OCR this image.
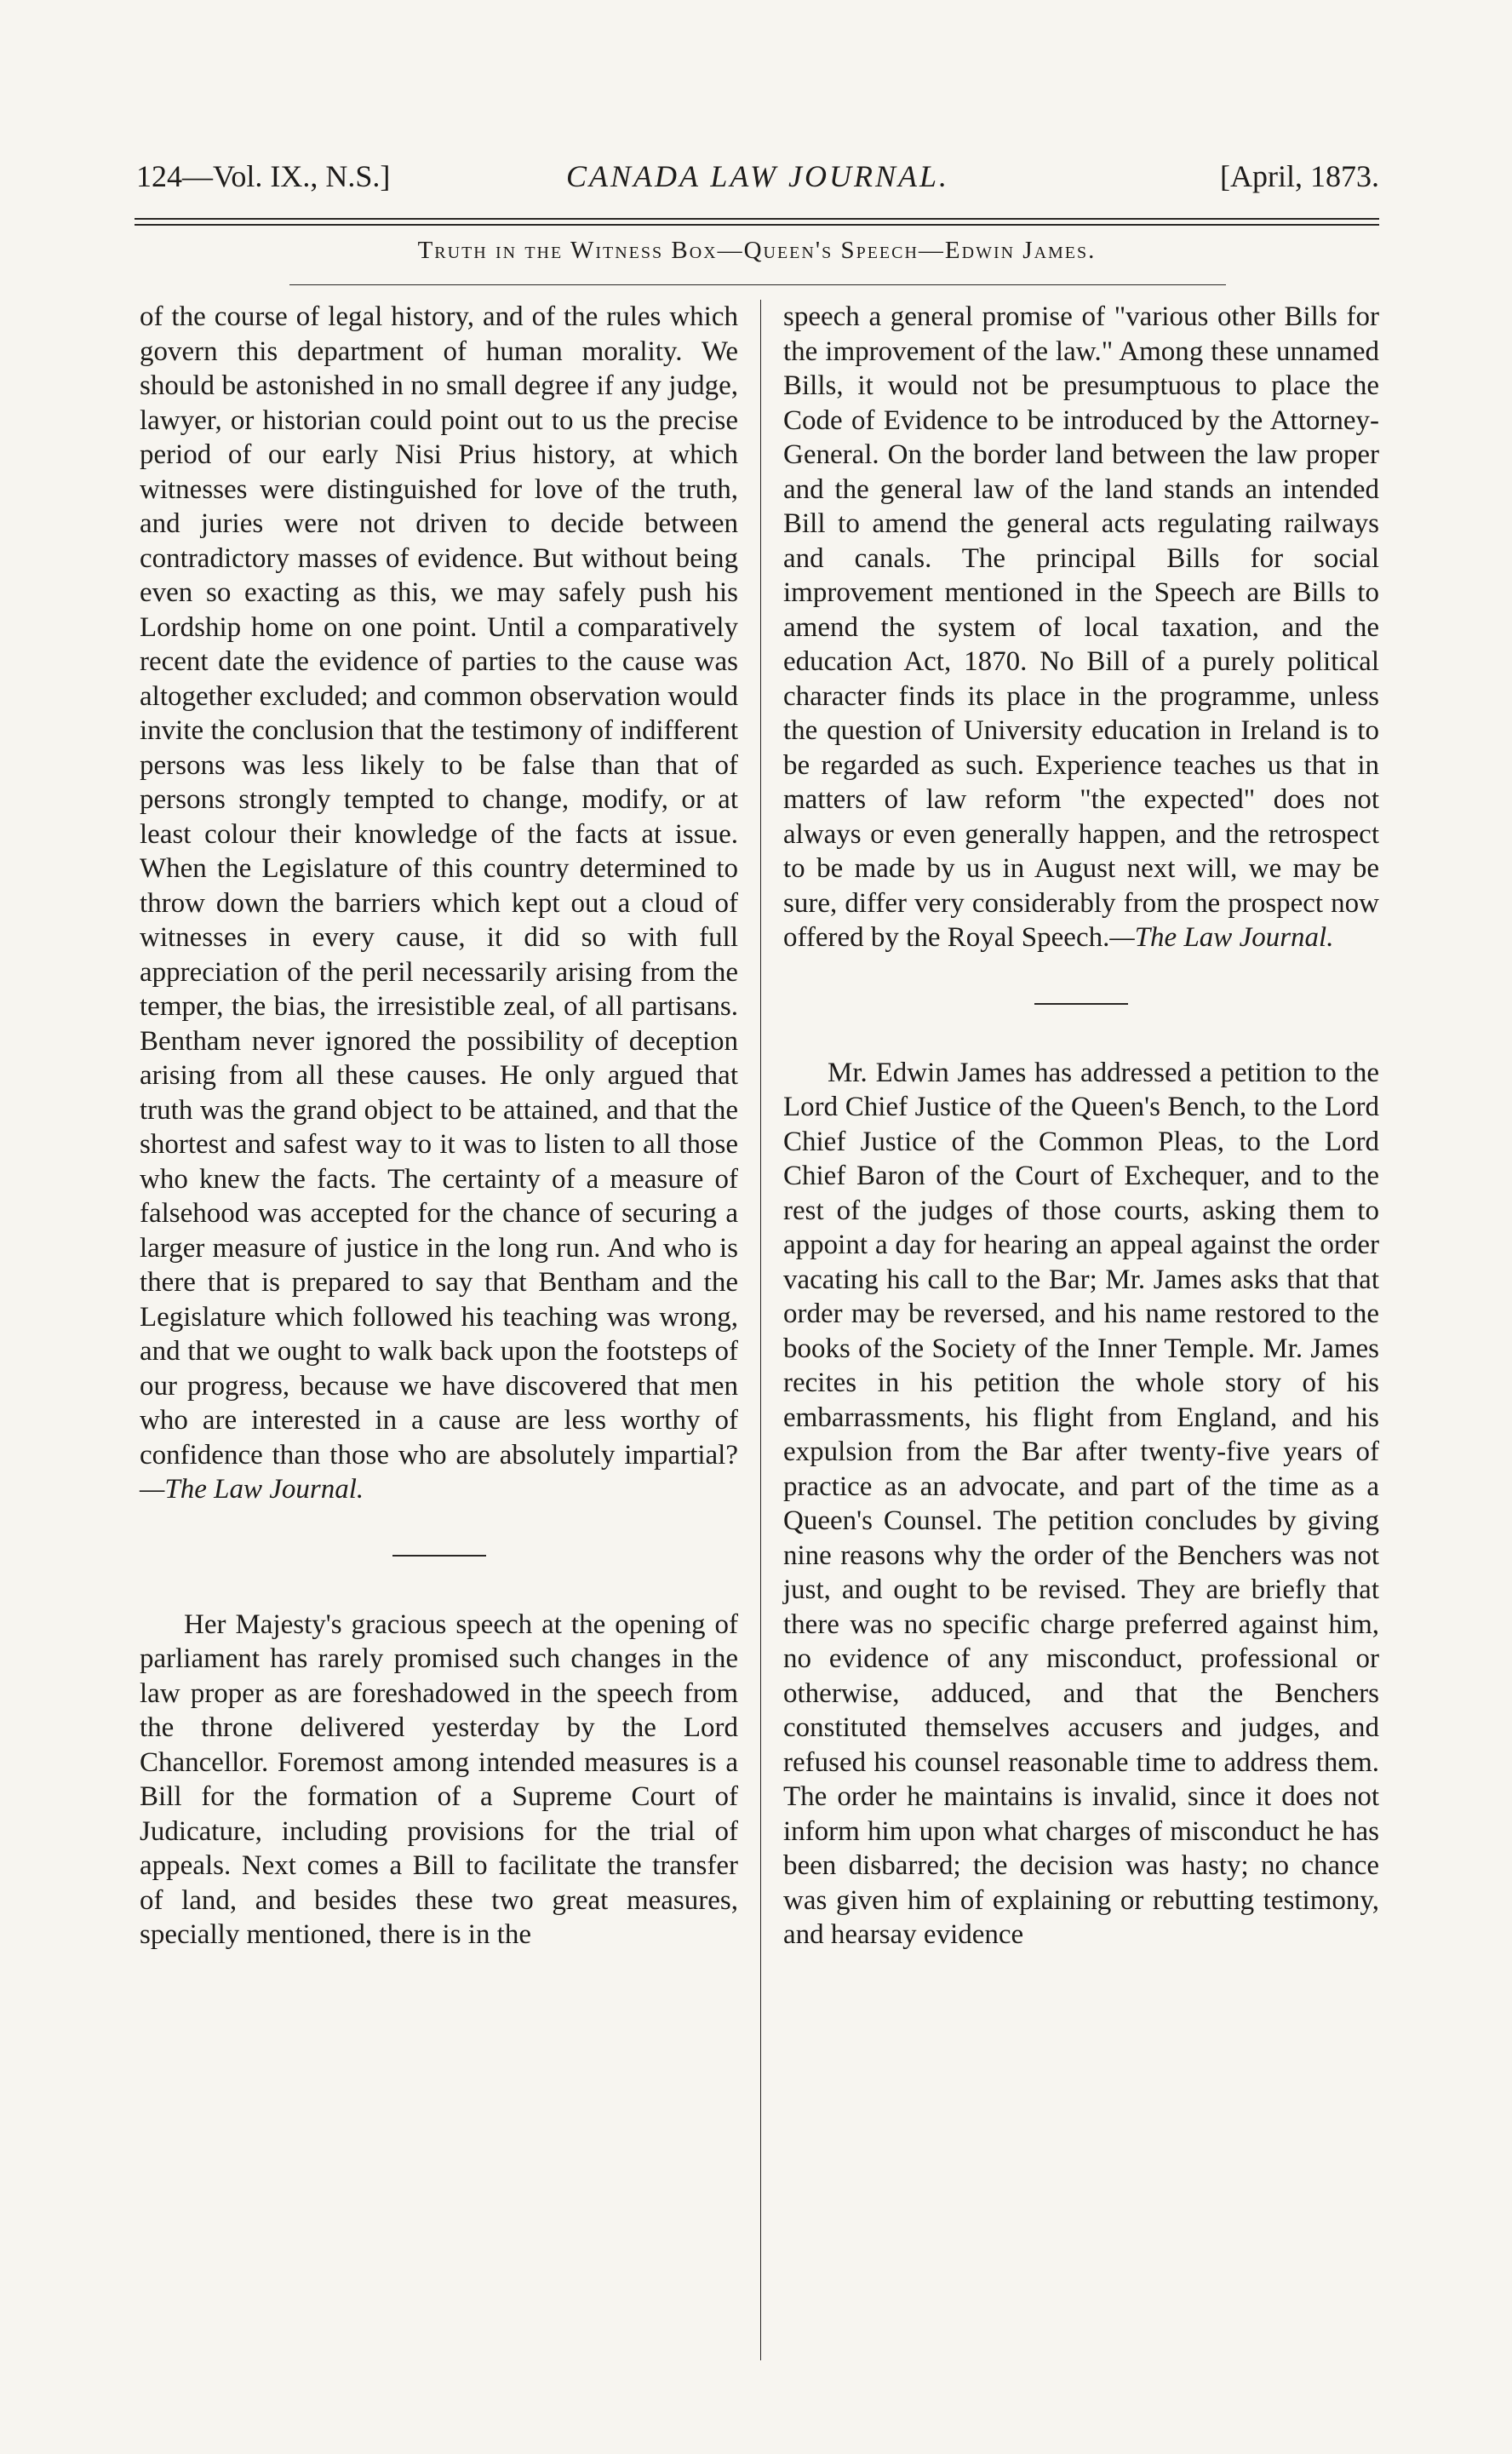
124—Vol. IX., N.S.]	CANADA LAW JOURNAL.	[April, 1873.
Truth in the Witness Box—Queen's Speech—Edwin James.

of the course of legal history, and of the rules which govern this department of human morality. We should be astonished in no small degree if any judge, lawyer, or historian could point out to us the precise period of our early Nisi Prius history, at which witnesses were distinguished for love of the truth, and juries were not driven to decide between contradictory masses of evidence. But without being even so exacting as this, we may safely push his Lordship home on one point. Until a comparatively recent date the evidence of parties to the cause was altogether excluded; and common observation would invite the conclusion that the testimony of indifferent persons was less likely to be false than that of persons strongly tempted to change, modify, or at least colour their knowledge of the facts at issue. When the Legislature of this country determined to throw down the barriers which kept out a cloud of witnesses in every cause, it did so with full appreciation of the peril necessarily arising from the temper, the bias, the irresistible zeal, of all partisans. Bentham never ignored the possibility of deception arising from all these causes. He only argued that truth was the grand object to be attained, and that the shortest and safest way to it was to listen to all those who knew the facts. The certainty of a measure of falsehood was accepted for the chance of securing a larger measure of justice in the long run. And who is there that is prepared to say that Bentham and the Legislature which followed his teaching was wrong, and that we ought to walk back upon the footsteps of our progress, because we have discovered that men who are interested in a cause are less worthy of confidence than those who are absolutely impartial?—The Law Journal.

Her Majesty's gracious speech at the opening of parliament has rarely promised such changes in the law proper as are foreshadowed in the speech from the throne delivered yesterday by the Lord Chancellor. Foremost among intended measures is a Bill for the formation of a Supreme Court of Judicature, including provisions for the trial of appeals. Next comes a Bill to facilitate the transfer of land, and besides these two great measures, specially mentioned, there is in the

speech a general promise of "various other Bills for the improvement of the law." Among these unnamed Bills, it would not be presumptuous to place the Code of Evidence to be introduced by the Attorney-General. On the border land between the law proper and the general law of the land stands an intended Bill to amend the general acts regulating railways and canals. The principal Bills for social improvement mentioned in the Speech are Bills to amend the system of local taxation, and the education Act, 1870. No Bill of a purely political character finds its place in the programme, unless the question of University education in Ireland is to be regarded as such. Experience teaches us that in matters of law reform "the expected" does not always or even generally happen, and the retrospect to be made by us in August next will, we may be sure, differ very considerably from the prospect now offered by the Royal Speech.—The Law Journal.

Mr. Edwin James has addressed a petition to the Lord Chief Justice of the Queen's Bench, to the Lord Chief Justice of the Common Pleas, to the Lord Chief Baron of the Court of Exchequer, and to the rest of the judges of those courts, asking them to appoint a day for hearing an appeal against the order vacating his call to the Bar; Mr. James asks that that order may be reversed, and his name restored to the books of the Society of the Inner Temple. Mr. James recites in his petition the whole story of his embarrassments, his flight from England, and his expulsion from the Bar after twenty-five years of practice as an advocate, and part of the time as a Queen's Counsel. The petition concludes by giving nine reasons why the order of the Benchers was not just, and ought to be revised. They are briefly that there was no specific charge preferred against him, no evidence of any misconduct, professional or otherwise, adduced, and that the Benchers constituted themselves accusers and judges, and refused his counsel reasonable time to address them. The order he maintains is invalid, since it does not inform him upon what charges of misconduct he has been disbarred; the decision was hasty; no chance was given him of explaining or rebutting testimony, and hearsay evidence
